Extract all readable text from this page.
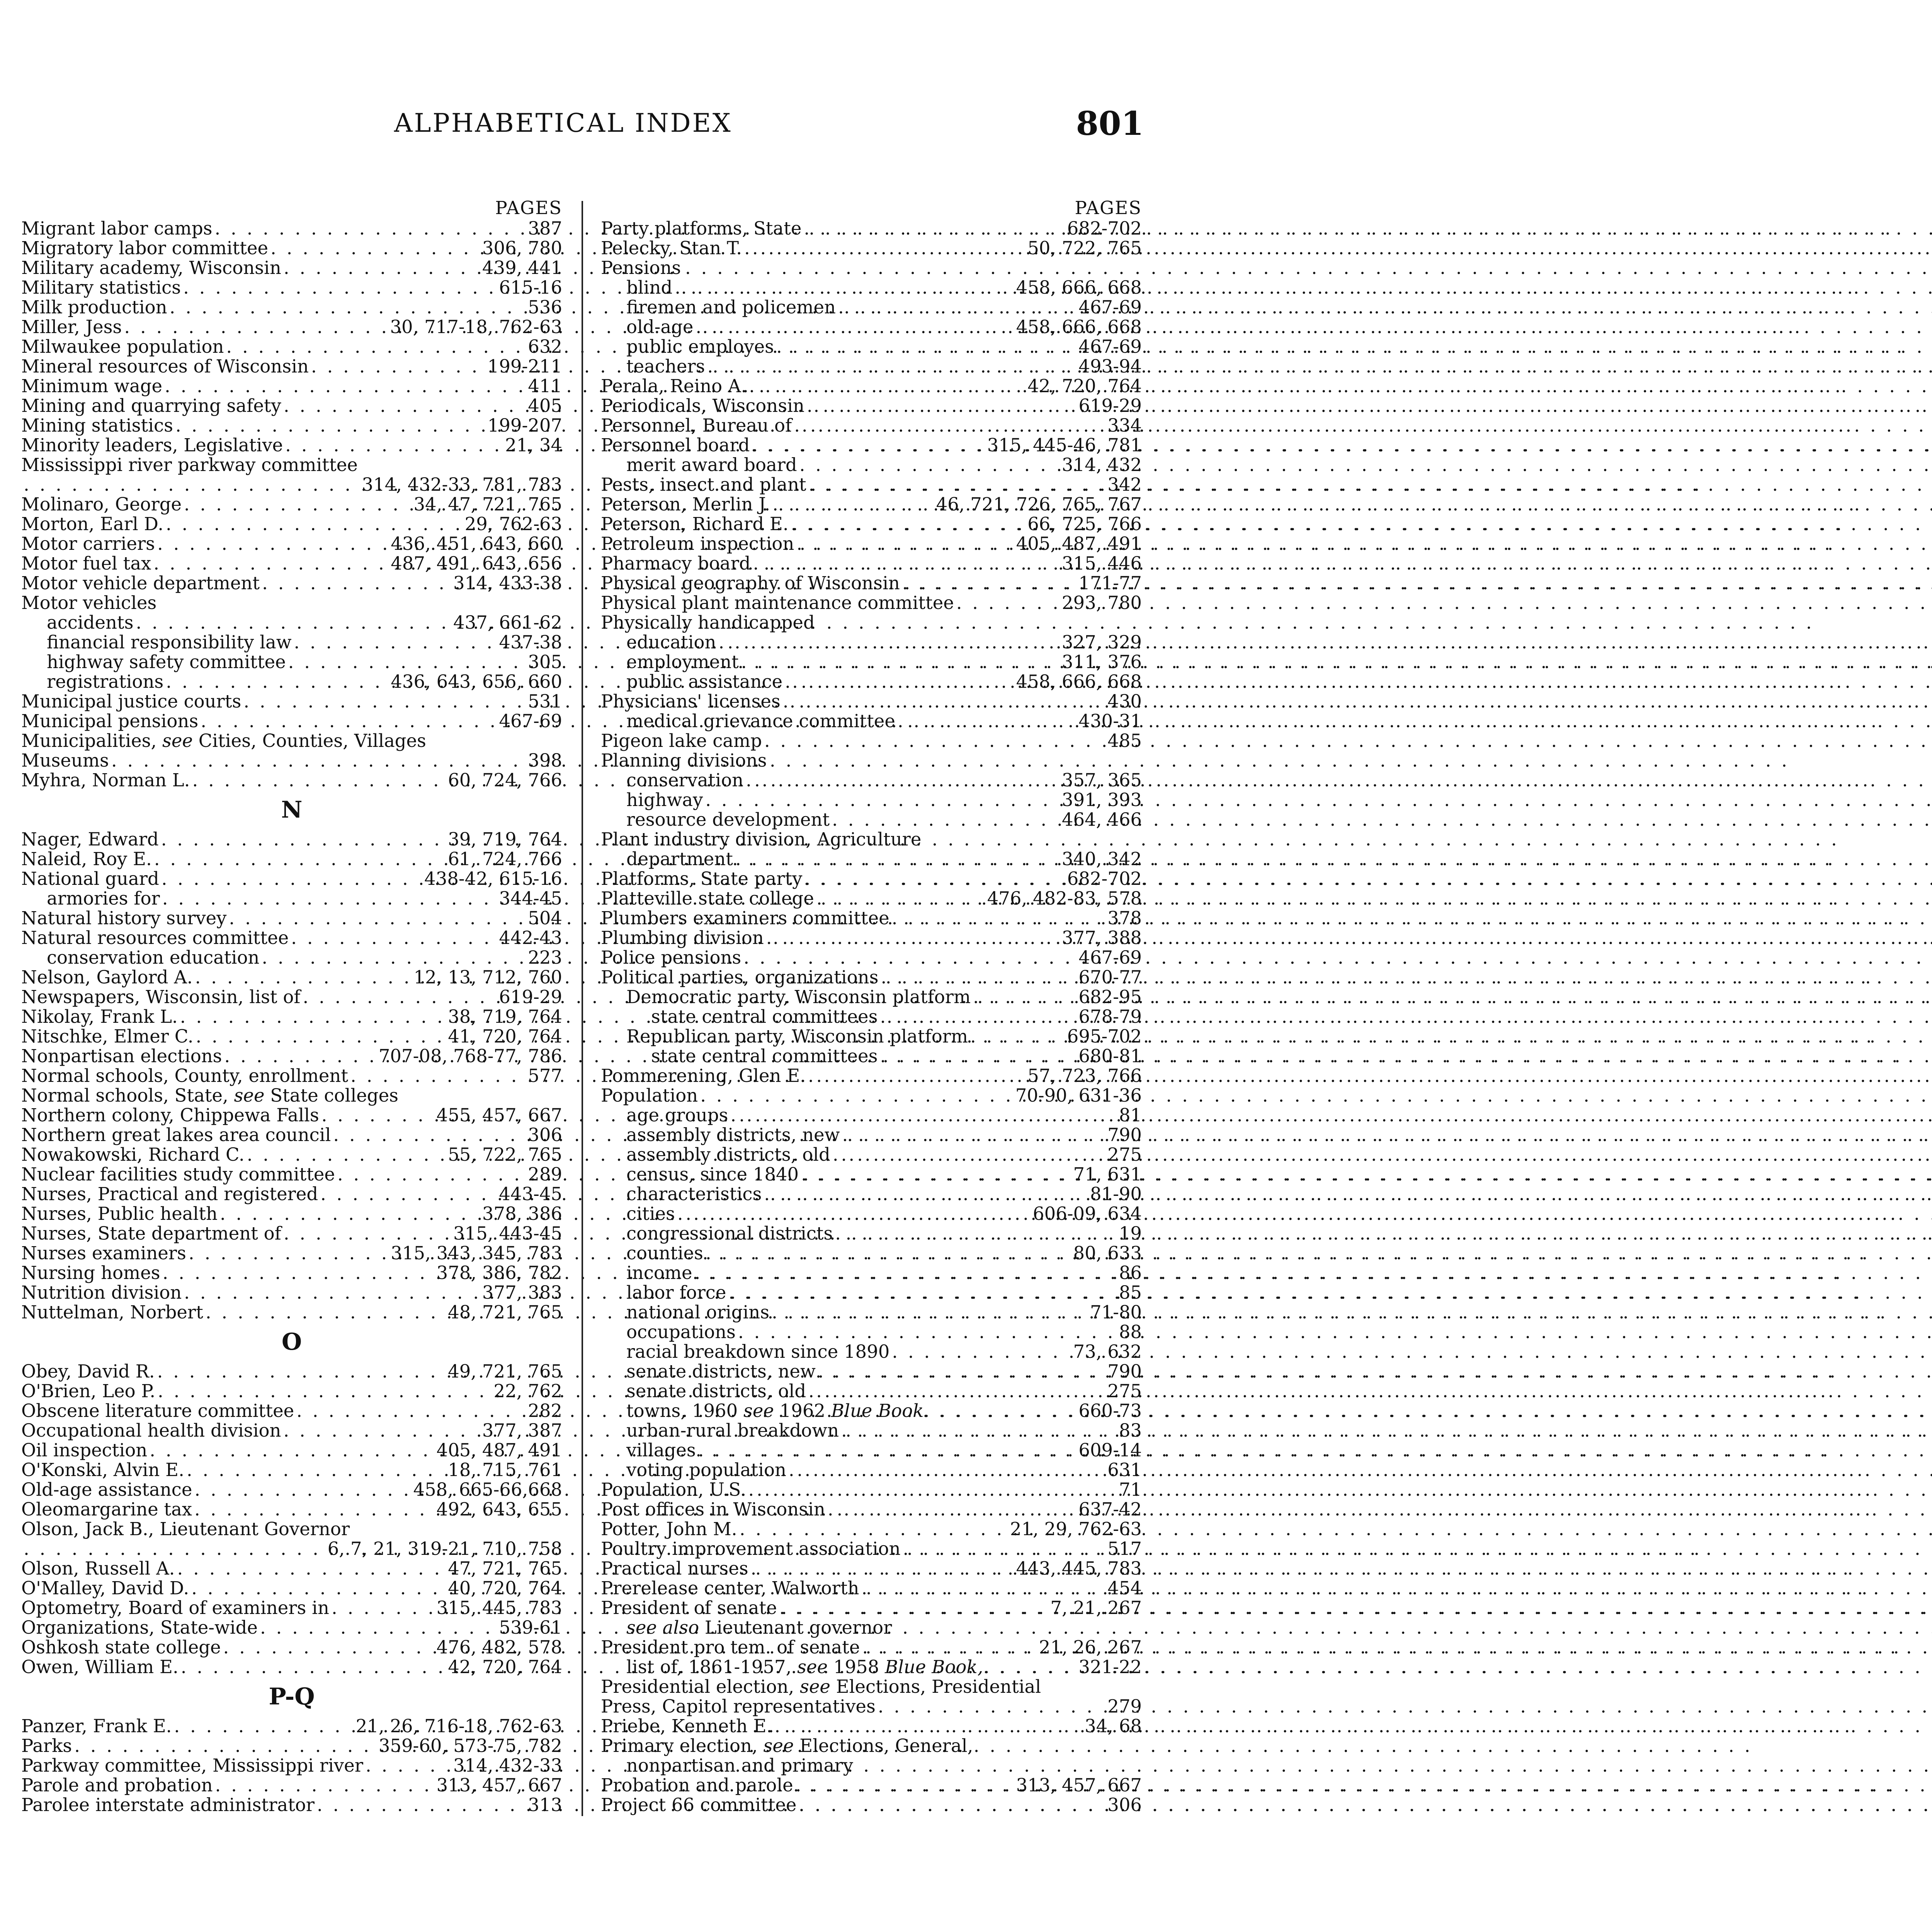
ALPHABETICAL INDEX	801
PAGES
Migrant labor camps . . .	387
Migratory labor committee . . .	306, 780
Military academy, Wisconsin . . .	439, 441
Military statistics . . .	615-16
Milk production . . .	536
Miller, Jess . . .	30, 717-18, 762-63
Milwaukee population . . .	632
Mineral resources of Wisconsin . . .	199-211
Minimum wage . . .	411
Mining and quarrying safety . . .	405
Mining statistics . . .	199-207
Minority leaders, Legislative . . .	21, 34
Mississippi river parkway committee
. . .
314, 432-33, 781, 783
Molinaro, George . . .	34, 47, 721, 765
Morton, Earl D. . . .	29, 762-63
Motor carriers . . .	436, 451, 643, 660
Motor fuel tax . . .	487, 491, 643, 656
Motor vehicle department . . .	314, 433-38
Motor vehicles
accidents . . .	437, 661-62
financial responsibility law . . .	437-38
highway safety committee . . .	305
registrations . . .	436, 643, 656, 660
Municipal justice courts . . .	531
Municipal pensions . . .	467-69
Municipalities, see Cities, Counties, Villages
Museums . . .	398
Myhra, Norman L. . . .	60, 724, 766
N
Nager, Edward . . .	39, 719, 764
Naleid, Roy E. . . .	61, 724, 766
National guard . . .	438-42, 615-16
armories for . . .	344-45
Natural history survey . . .	504
Natural resources committee . . .	442-43
conservation education . . .	223
Nelson, Gaylord A. . . .	12, 13, 712, 760
Newspapers, Wisconsin, list of . . .	619-29
Nikolay, Frank L. . . .	38, 719, 764
Nitschke, Elmer C. . . .	41, 720, 764
Nonpartisan elections . . .	707-08, 768-77, 786
Normal schools, County, enrollment . . .	577
Normal schools, State, see State colleges
Northern colony, Chippewa Falls . . .	455, 457, 667
Northern great lakes area council . . .	306
Nowakowski, Richard C. . . .	55, 722, 765
Nuclear facilities study committee . . .	289
Nurses, Practical and registered . . .	443-45
Nurses, Public health . . .	378, 386
Nurses, State department of . . .	315, 443-45
Nurses examiners . . .	315, 343, 345, 783
Nursing homes . . .	378, 386, 782
Nutrition division . . .	377, 383
Nuttelman, Norbert . . .	48, 721, 765
O
Obey, David R. . . .	49, 721, 765
O'Brien, Leo P. . . .	22, 762
Obscene literature committee . . .	282
Occupational health division . . .	377, 387
Oil inspection . . .	405, 487, 491
O'Konski, Alvin E. . . .	18, 715, 761
Old-age assistance . . .	458, 665-66,668
Oleomargarine tax . . .	492, 643, 655
Olson, Jack B., Lieutenant Governor
. . .
6, 7, 21, 319-21, 710, 758
Olson, Russell A. . . .	47, 721, 765
O'Malley, David D. . . .	40, 720, 764
Optometry, Board of examiners in . . .	315, 445, 783
Organizations, State-wide . . .	539-61
Oshkosh state college . . .	476, 482, 578
Owen, William E. . . .	42, 720, 764
P-Q
Panzer, Frank E. . . .	21, 26, 716-18, 762-63
Parks . . .	359-60, 573-75, 782
Parkway committee, Mississippi river . . .	314, 432-33
Parole and probation . . .	313, 457, 667
Parolee interstate administrator . . .	313
PAGES
Party platforms, State . . .	682-702
Pelecky, Stan T. . . .	50, 722, 765
Pensions
blind . . .	458, 666, 668
firemen and policemen . . .	467-69
old-age . . .	458, 666, 668
public employes . . .	467-69
teachers . . .	493-94
Perala, Reino A. . . .	42, 720, 764
Periodicals, Wisconsin . . .	619-29
Personnel, Bureau of . . .	334
Personnel board . . .	315, 445-46, 781
merit award board . . .	314, 432
Pests, insect and plant . . .	342
Peterson, Merlin J. . . .	46, 721, 726, 765, 767
Peterson, Richard E. . . .	66, 725, 766
Petroleum inspection . . .	405, 487, 491
Pharmacy board . . .	315, 446
Physical geography of Wisconsin . . .	171-77
Physical plant maintenance committee . . .	293, 780
Physically handicapped
education . . .	327, 329
employment . . .	311, 376
public assistance . . .	458, 666, 668
Physicians' licenses . . .	430
medical grievance committee . . .	430-31
Pigeon lake camp . . .	485
Planning divisions
conservation . . .	357, 365
highway . . .	391, 393
resource development . . .	464, 466
Plant industry division, Agriculture
department . . .	340, 342
Platforms, State party . . .	682-702
Platteville state college . . .	476, 482-83, 578
Plumbers examiners committee . . .	378
Plumbing division . . .	377, 388
Police pensions . . .	467-69
Political parties, organizations . . .	670-77
Democratic party, Wisconsin platform . . .	682-95
state central committees . . .	678-79
Republican party, Wisconsin platform . . .	695-702
state central committees . . .	680-81
Pommerening, Glen E. . . .	57, 723, 766
Population . . .	70-90, 631-36
age groups . . .	81
assembly districts, new . . .	790
assembly districts, old . . .	275
census, since 1840 . . .	71, 631
characteristics . . .	81-90
cities . . .	606-09, 634
congressional districts . . .	19
counties . . .	80, 633
income . . .	86
labor force . . .	85
national origins . . .	71-80
occupations . . .	88
racial breakdown since 1890 . . .	73, 632
senate districts, new . . .	790
senate districts, old . . .	275
towns, 1960 see 1962 Blue Book . . .	660-73
urban-rural breakdown . . .	83
villages . . .	609-14
voting population . . .	631
Population, U.S. . . .	71
Post offices in Wisconsin . . .	637-42
Potter, John M. . . .	21, 29, 762-63
Poultry improvement association . . .	517
Practical nurses . . .	443, 445, 783
Prerelease center, Walworth . . .	454
President of senate . . .	7, 21, 267
see also Lieutenant governor
President pro tem. of senate . . .	21, 26, 267
list of, 1861-1957, see 1958 Blue Book, . . .	321-22
Presidential election, see Elections, Presidential
Press, Capitol representatives . . .	279
Priebe, Kenneth E. . . .	34, 68
Primary election, see Elections, General,
nonpartisan and primary
Probation and parole . . .	313, 457, 667
Project 66 committee . . .	306
